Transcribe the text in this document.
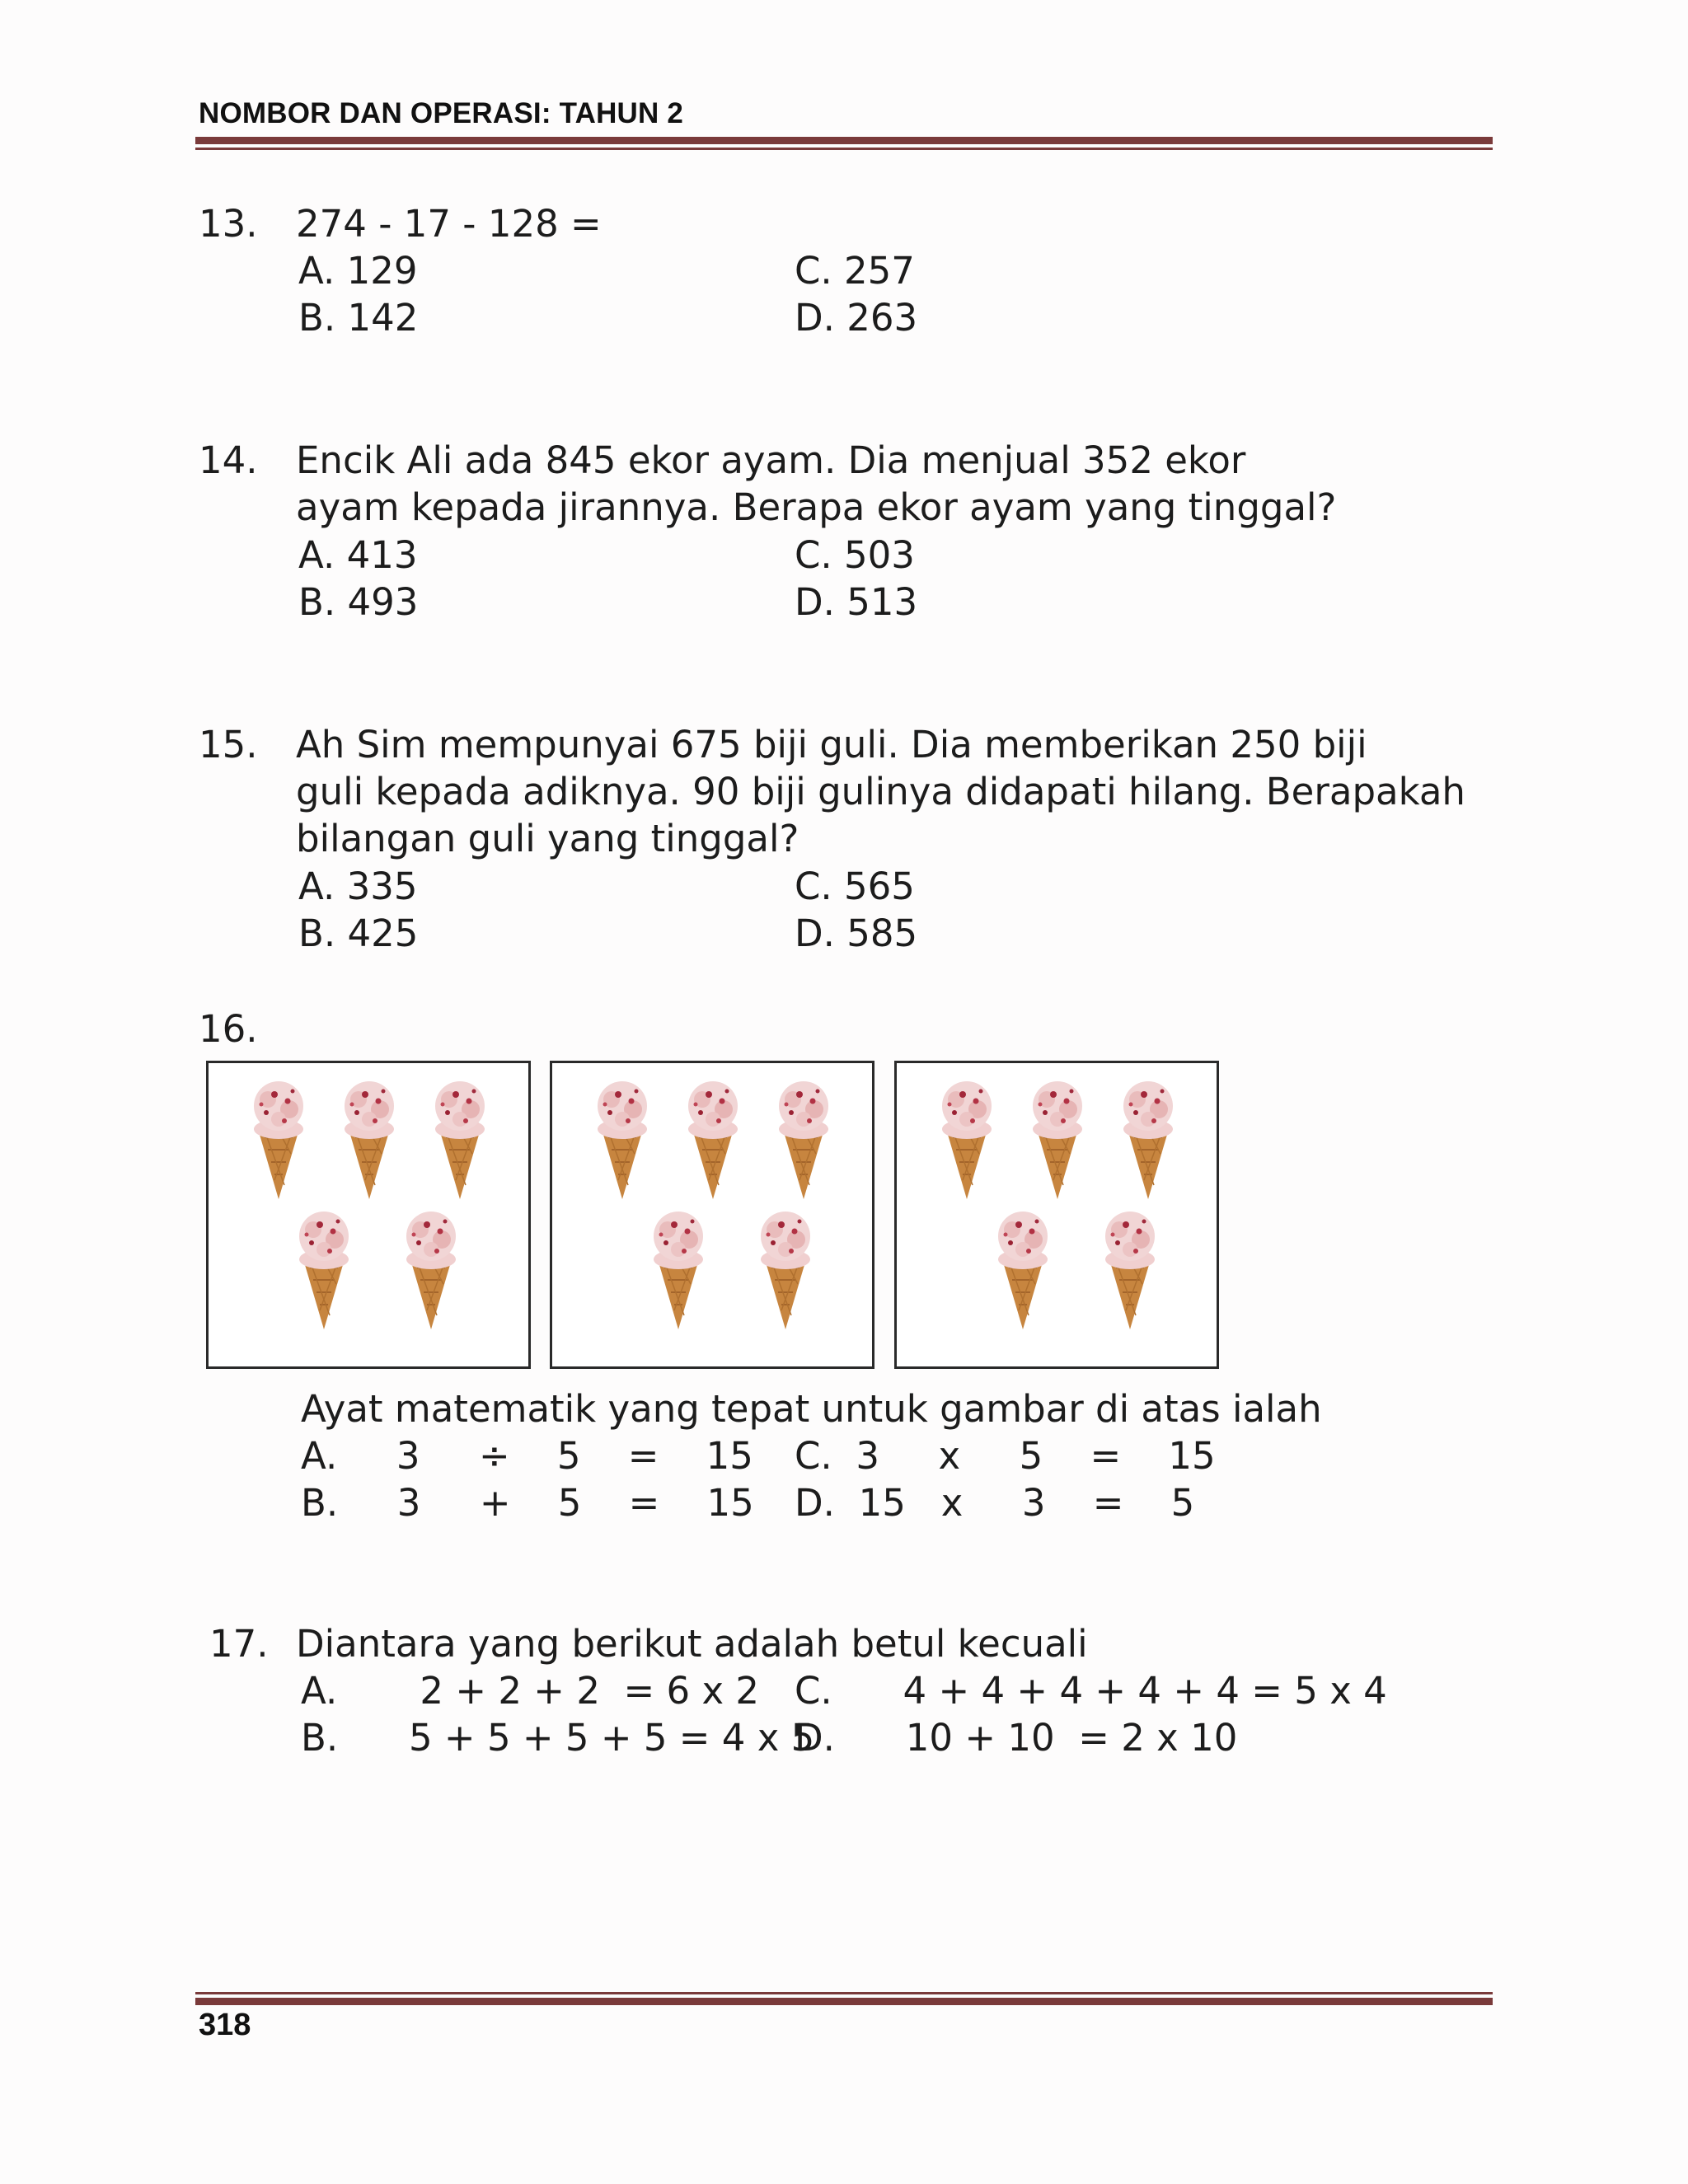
NOMBOR DAN OPERASI: TAHUN 2
13. 274 - 17 - 128 =
A. 129
B. 142
C. 257
D. 263
14. Encik Ali ada 845 ekor ayam. Dia menjual 352 ekor
ayam kepada jirannya. Berapa ekor ayam yang tinggal?
A. 413
B. 493
C. 503
D. 513
15. Ah Sim mempunyai 675 biji guli. Dia memberikan 250 biji
guli kepada adiknya. 90 biji gulinya didapati hilang. Berapakah
bilangan guli yang tinggal?
A. 335
B. 425
C. 565
D. 585
16.
Ayat matematik yang tepat untuk gambar di atas ialah
A.     3     ÷    5    =    15
B.     3     +    5    =    15
C.  3     x     5    =    15
D.  15   x     3    =    5
17. Diantara yang berikut adalah betul kecuali
A.       2 + 2 + 2  = 6 x 2
B.      5 + 5 + 5 + 5 = 4 x 5
C.      4 + 4 + 4 + 4 + 4 = 5 x 4
D.      10 + 10  = 2 x 10
318
